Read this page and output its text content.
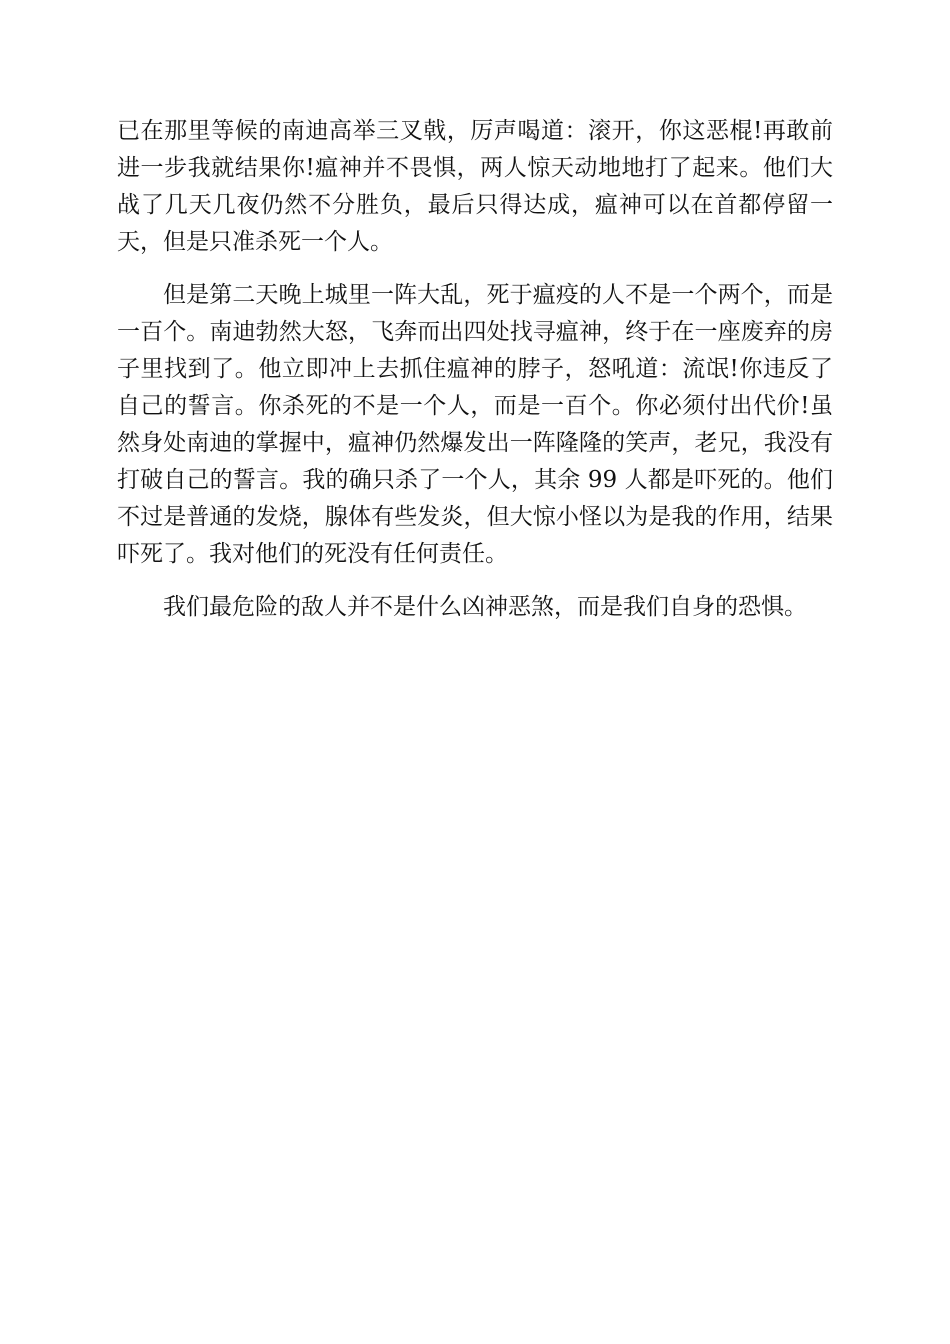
已在那里等候的南迪高举三叉戟，厉声喝道：滚开，你这恶棍!再敢前进一步我就结果你!瘟神并不畏惧，两人惊天动地地打了起来。他们大战了几天几夜仍然不分胜负，最后只得达成，瘟神可以在首都停留一天，但是只准杀死一个人。

但是第二天晚上城里一阵大乱，死于瘟疫的人不是一个两个，而是一百个。南迪勃然大怒，飞奔而出四处找寻瘟神，终于在一座废弃的房子里找到了。他立即冲上去抓住瘟神的脖子，怒吼道：流氓!你违反了自己的誓言。你杀死的不是一个人，而是一百个。你必须付出代价!虽然身处南迪的掌握中，瘟神仍然爆发出一阵隆隆的笑声，老兄，我没有打破自己的誓言。我的确只杀了一个人，其余 99 人都是吓死的。他们不过是普通的发烧，腺体有些发炎，但大惊小怪以为是我的作用，结果吓死了。我对他们的死没有任何责任。

我们最危险的敌人并不是什么凶神恶煞，而是我们自身的恐惧。
